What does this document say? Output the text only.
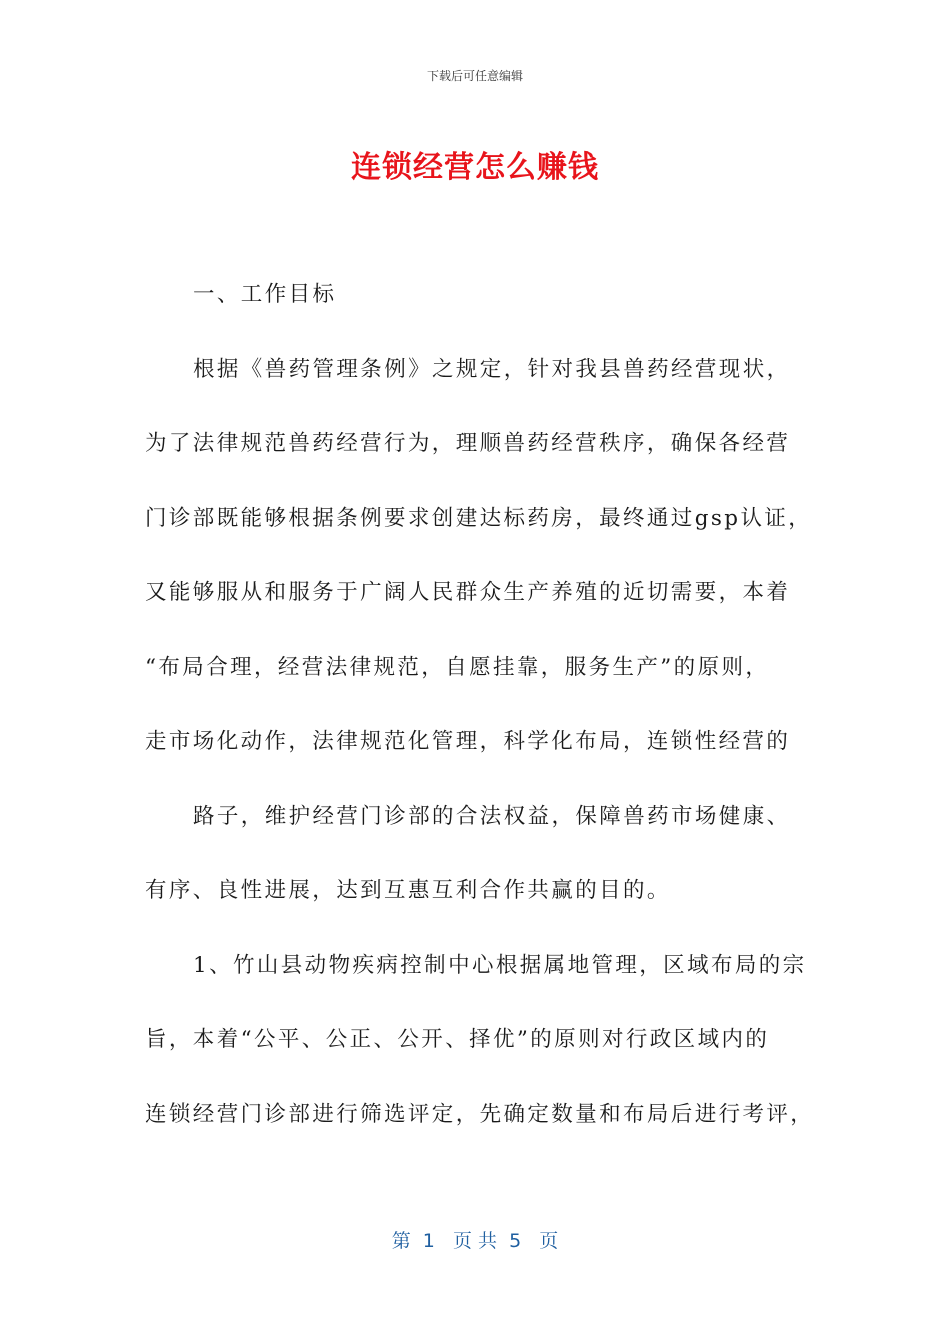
下载后可任意编辑
连锁经营怎么赚钱
一、工作目标
根据《兽药管理条例》之规定，针对我县兽药经营现状，
为了法律规范兽药经营行为，理顺兽药经营秩序，确保各经营
门诊部既能够根据条例要求创建达标药房，最终通过gsp认证，
又能够服从和服务于广阔人民群众生产养殖的近切需要，本着
“布局合理，经营法律规范，自愿挂靠，服务生产”的原则，
走市场化动作，法律规范化管理，科学化布局，连锁性经营的
路子，维护经营门诊部的合法权益，保障兽药市场健康、
有序、良性进展，达到互惠互利合作共赢的目的。
1、竹山县动物疾病控制中心根据属地管理，区域布局的宗
旨，本着“公平、公正、公开、择优”的原则对行政区域内的
连锁经营门诊部进行筛选评定，先确定数量和布局后进行考评，
第  1   页 共  5   页
